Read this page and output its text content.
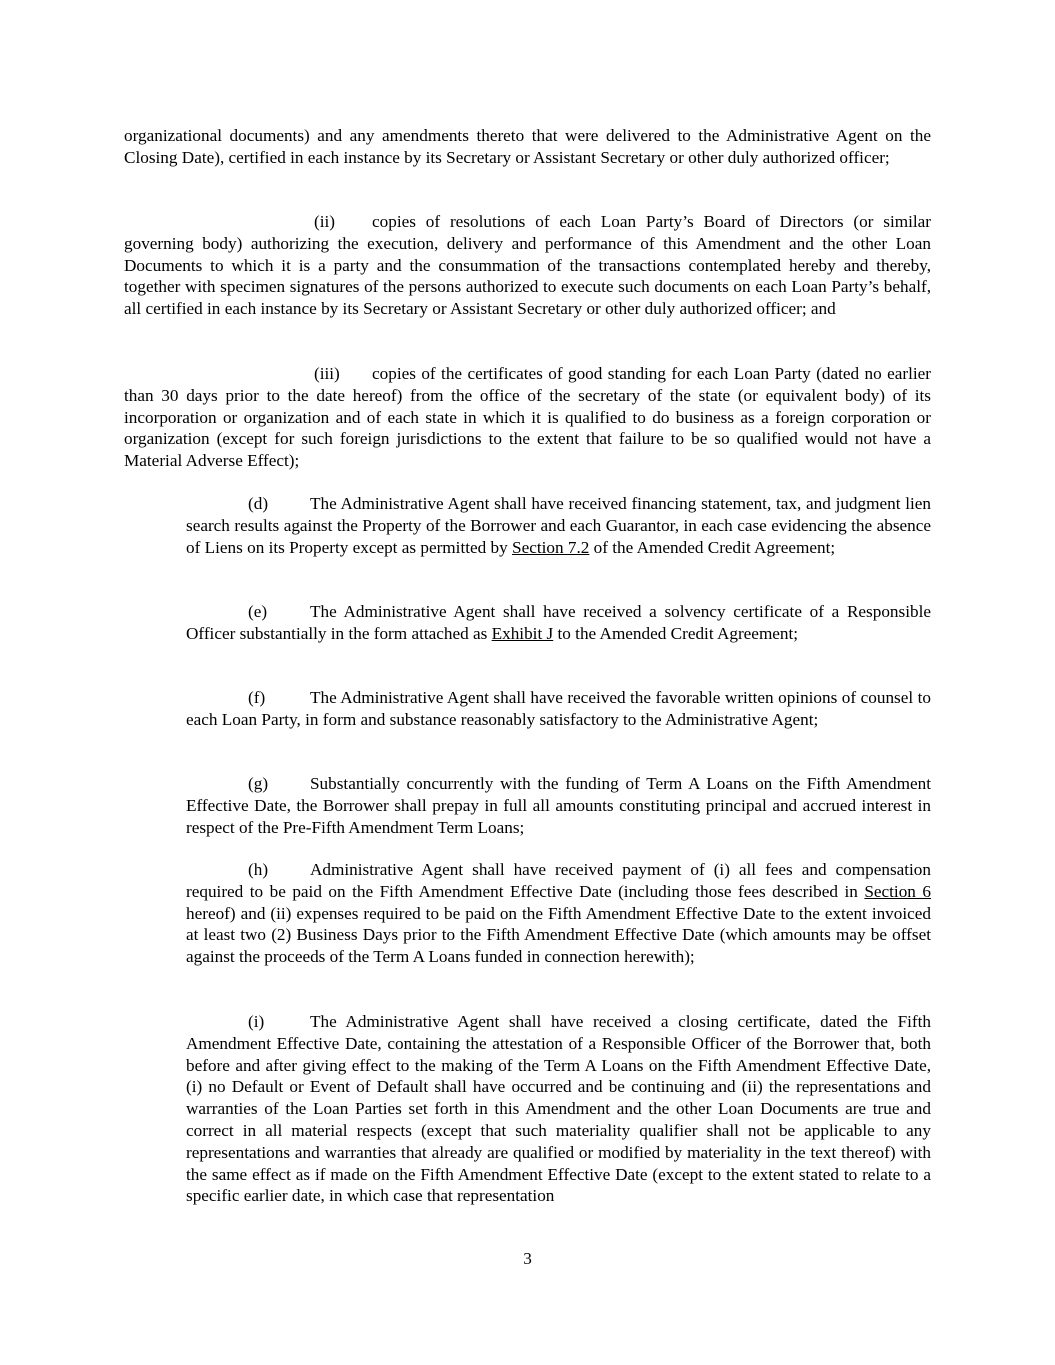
organizational documents) and any amendments thereto that were delivered to the Administrative Agent on the Closing Date), certified in each instance by its Secretary or Assistant Secretary or other duly authorized officer;

(ii) copies of resolutions of each Loan Party’s Board of Directors (or similar governing body) authorizing the execution, delivery and performance of this Amendment and the other Loan Documents to which it is a party and the consummation of the transactions contemplated hereby and thereby, together with specimen signatures of the persons authorized to execute such documents on each Loan Party’s behalf, all certified in each instance by its Secretary or Assistant Secretary or other duly authorized officer; and

(iii) copies of the certificates of good standing for each Loan Party (dated no earlier than 30 days prior to the date hereof) from the office of the secretary of the state (or equivalent body) of its incorporation or organization and of each state in which it is qualified to do business as a foreign corporation or organization (except for such foreign jurisdictions to the extent that failure to be so qualified would not have a Material Adverse Effect);

(d) The Administrative Agent shall have received financing statement, tax, and judgment lien search results against the Property of the Borrower and each Guarantor, in each case evidencing the absence of Liens on its Property except as permitted by Section 7.2 of the Amended Credit Agreement;

(e) The Administrative Agent shall have received a solvency certificate of a Responsible Officer substantially in the form attached as Exhibit J to the Amended Credit Agreement;

(f)	The Administrative Agent shall have received the favorable written opinions of counsel to each Loan Party, in form and substance reasonably satisfactory to the Administrative Agent;

(g) Substantially concurrently with the funding of Term A Loans on the Fifth Amendment Effective Date, the Borrower shall prepay in full all amounts constituting principal and accrued interest in respect of the Pre-Fifth Amendment Term Loans;

(h) Administrative Agent shall have received payment of (i) all fees and compensation required to be paid on the Fifth Amendment Effective Date (including those fees described in Section 6 hereof) and (ii) expenses required to be paid on the Fifth Amendment Effective Date to the extent invoiced at least two (2) Business Days prior to the Fifth Amendment Effective Date (which amounts may be offset against the proceeds of the Term A Loans funded in connection herewith);

(i)	The Administrative Agent shall have received a closing certificate, dated the Fifth Amendment Effective Date, containing the attestation of a Responsible Officer of the Borrower that, both before and after giving effect to the making of the Term A Loans on the Fifth Amendment Effective Date, (i) no Default or Event of Default shall have occurred and be continuing and (ii) the representations and warranties of the Loan Parties set forth in this Amendment and the other Loan Documents are true and correct in all material respects (except that such materiality qualifier shall not be applicable to any representations and warranties that already are qualified or modified by materiality in the text thereof) with the same effect as if made on the Fifth Amendment Effective Date (except to the extent stated to relate to a specific earlier date, in which case that representation

3
